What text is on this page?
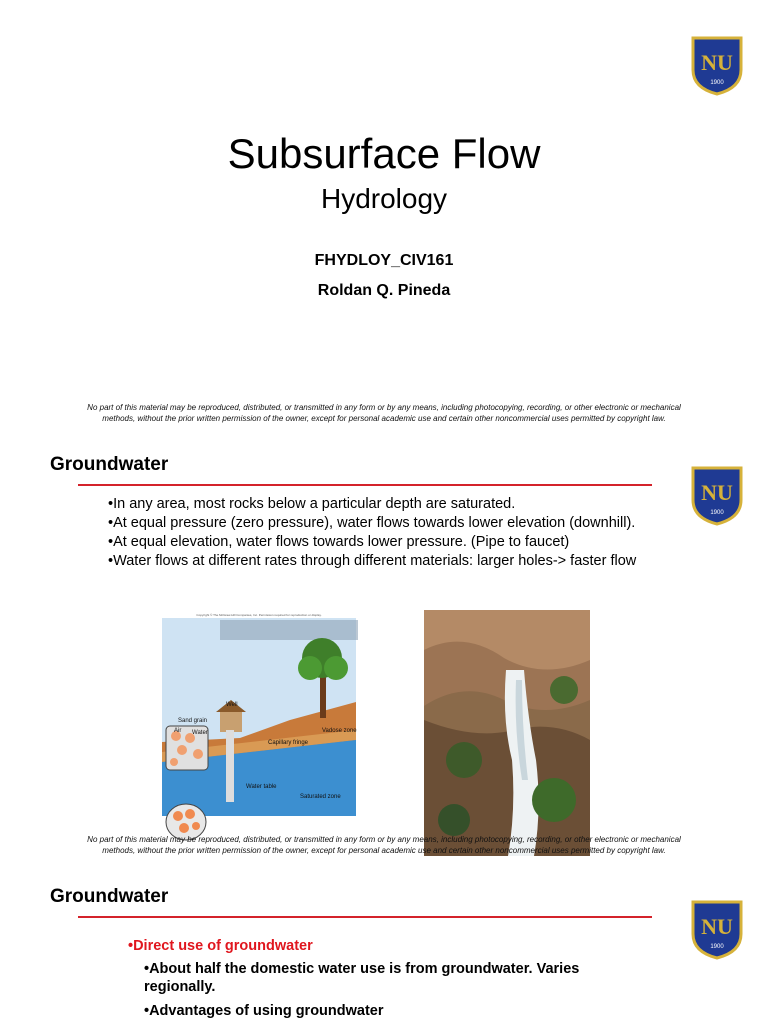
NU
1900
Subsurface Flow
Hydrology
FHYDLOY_CIV161
Roldan Q. Pineda
No part of this material may be reproduced, distributed, or transmitted in any form or by any means, including photocopying, recording, or other electronic or mechanical
methods, without the prior written permission of the owner, except for personal academic use and certain other noncommercial uses permitted by copyright law.
Groundwater
NU
1900
•In any area, most rocks below a particular depth are saturated.
•At equal pressure (zero pressure), water flows towards lower elevation (downhill).
•At equal elevation, water flows towards lower pressure. (Pipe to faucet)
•Water flows at different rates through different materials: larger holes-> faster flow
Copyright © The McGraw-Hill Companies, Inc. Permission required for reproduction or display.
Well
Sand grain
Air Water
Capillary fringe
Vadose zone
Water table
Saturated zone
No part of this material may be reproduced, distributed, or transmitted in any form or by any means, including photocopying, recording, or other electronic or mechanical
methods, without the prior written permission of the owner, except for personal academic use and certain other noncommercial uses permitted by copyright law.
Groundwater
NU
1900
•Direct use of groundwater
•About half the domestic water use is from groundwater. Varies regionally.
•Advantages of using groundwater
